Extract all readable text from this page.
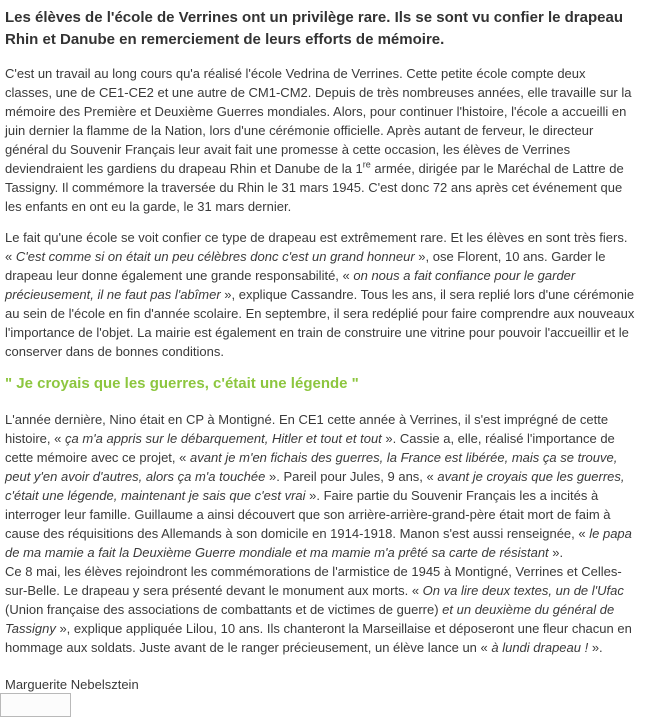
Les élèves de l'école de Verrines ont un privilège rare. Ils se sont vu confier le drapeau Rhin et Danube en remerciement de leurs efforts de mémoire.

C'est un travail au long cours qu'a réalisé l'école Vedrina de Verrines. Cette petite école compte deux classes, une de CE1-CE2 et une autre de CM1-CM2. Depuis de très nombreuses années, elle travaille sur la mémoire des Première et Deuxième Guerres mondiales. Alors, pour continuer l'histoire, l'école a accueilli en juin dernier la flamme de la Nation, lors d'une cérémonie officielle. Après autant de ferveur, le directeur général du Souvenir Français leur avait fait une promesse à cette occasion, les élèves de Verrines deviendraient les gardiens du drapeau Rhin et Danube de la 1re armée, dirigée par le Maréchal de Lattre de Tassigny. Il commémore la traversée du Rhin le 31 mars 1945. C'est donc 72 ans après cet événement que les enfants en ont eu la garde, le 31 mars dernier.

Le fait qu'une école se voit confier ce type de drapeau est extrêmement rare. Et les élèves en sont très fiers. « C'est comme si on était un peu célèbres donc c'est un grand honneur », ose Florent, 10 ans. Garder le drapeau leur donne également une grande responsabilité, « on nous a fait confiance pour le garder précieusement, il ne faut pas l'abîmer », explique Cassandre. Tous les ans, il sera replié lors d'une cérémonie au sein de l'école en fin d'année scolaire. En septembre, il sera redéplié pour faire comprendre aux nouveaux l'importance de l'objet. La mairie est également en train de construire une vitrine pour pouvoir l'accueillir et le conserver dans de bonnes conditions.

" Je croyais que les guerres, c'était une légende "

L'année dernière, Nino était en CP à Montigné. En CE1 cette année à Verrines, il s'est imprégné de cette histoire, « ça m'a appris sur le débarquement, Hitler et tout et tout ». Cassie a, elle, réalisé l'importance de cette mémoire avec ce projet, « avant je m'en fichais des guerres, la France est libérée, mais ça se trouve, peut y'en avoir d'autres, alors ça m'a touchée ». Pareil pour Jules, 9 ans, « avant je croyais que les guerres, c'était une légende, maintenant je sais que c'est vrai ». Faire partie du Souvenir Français les a incités à interroger leur famille. Guillaume a ainsi découvert que son arrière-arrière-grand-père était mort de faim à cause des réquisitions des Allemands à son domicile en 1914-1918. Manon s'est aussi renseignée, « le papa de ma mamie a fait la Deuxième Guerre mondiale et ma mamie m'a prêté sa carte de résistant ».

Ce 8 mai, les élèves rejoindront les commémorations de l'armistice de 1945 à Montigné, Verrines et Celles-sur-Belle. Le drapeau y sera présenté devant le monument aux morts. « On va lire deux textes, un de l'Ufac (Union française des associations de combattants et de victimes de guerre) et un deuxième du général de Tassigny », explique appliquée Lilou, 10 ans. Ils chanteront la Marseillaise et déposeront une fleur chacun en hommage aux soldats. Juste avant de le ranger précieusement, un élève lance un « à lundi drapeau ! ».

Marguerite Nebelsztein
